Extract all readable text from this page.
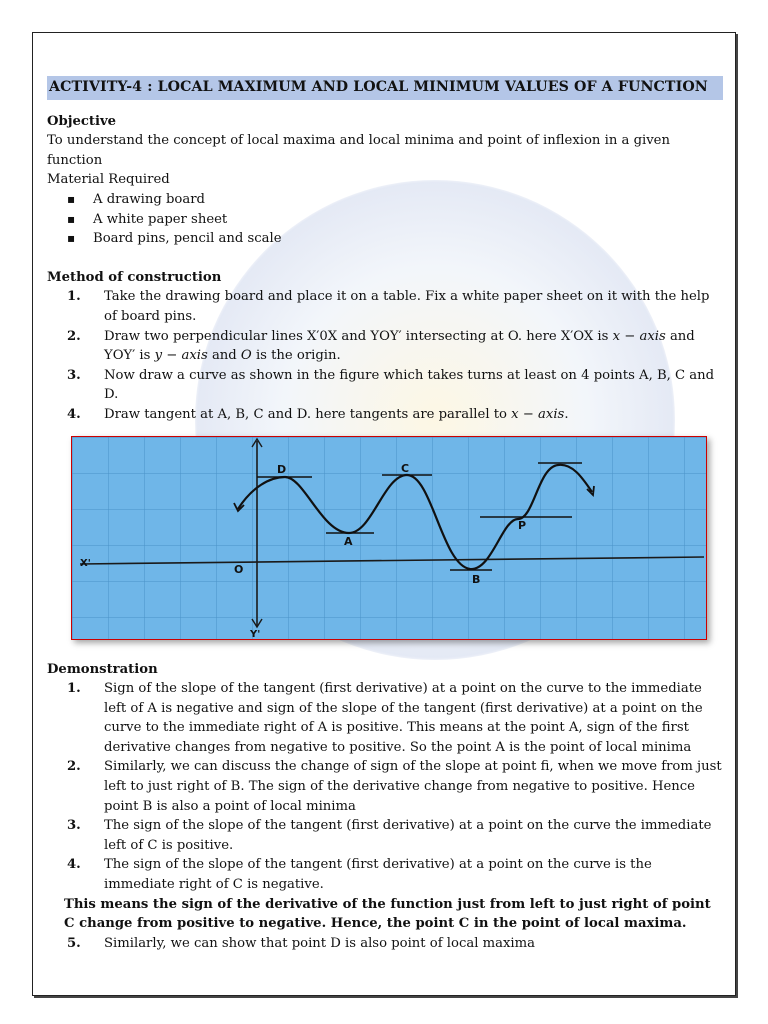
ACTIVITY-4 : LOCAL MAXIMUM AND LOCAL MINIMUM VALUES OF A FUNCTION

Objective

To understand the concept of local maxima and local minima and point of inflexion in a given function

Material Required

▪ A drawing board
▪ A white paper sheet
▪ Board pins, pencil and scale

Method of construction

1. Take the drawing board and place it on a table. Fix a white paper sheet on it with the help of board pins.
2. Draw two perpendicular lines X′0X and YOY′ intersecting at O. here X′OX is 𝑥 − 𝑎𝑥𝑖𝑠 and YOY′ is 𝑦 − 𝑎𝑥𝑖𝑠 and 𝑂 is the origin.
3. Now draw a curve as shown in the figure which takes turns at least on 4 points A, B, C and D.
4. Draw tangent at A, B, C and D. here tangents are parallel to 𝑥 − 𝑎𝑥𝑖𝑠.
D	C
A
B
P
O
X'
Y'

Demonstration

1. Sign of the slope of the tangent (first derivative) at a point on the curve to the immediate left of A is negative and sign of the slope of the tangent (first derivative) at a point on the curve to the immediate right of A is positive. This means at the point A, sign of the first derivative changes from negative to positive. So the point A is the point of local minima
2. Similarly, we can discuss the change of sign of the slope at point fi, when we move from just left to just right of B. The sign of the derivative change from negative to positive. Hence point B is also a point of local minima
3. The sign of the slope of the tangent (first derivative) at a point on the curve the immediate left of C is positive.
4. The sign of the slope of the tangent (first derivative) at a point on the curve is the immediate right of C is negative.

This means the sign of the derivative of the function just from left to just right of point C change from positive to negative. Hence, the point C in the point of local maxima.

5. Similarly, we can show that point D is also point of local maxima
